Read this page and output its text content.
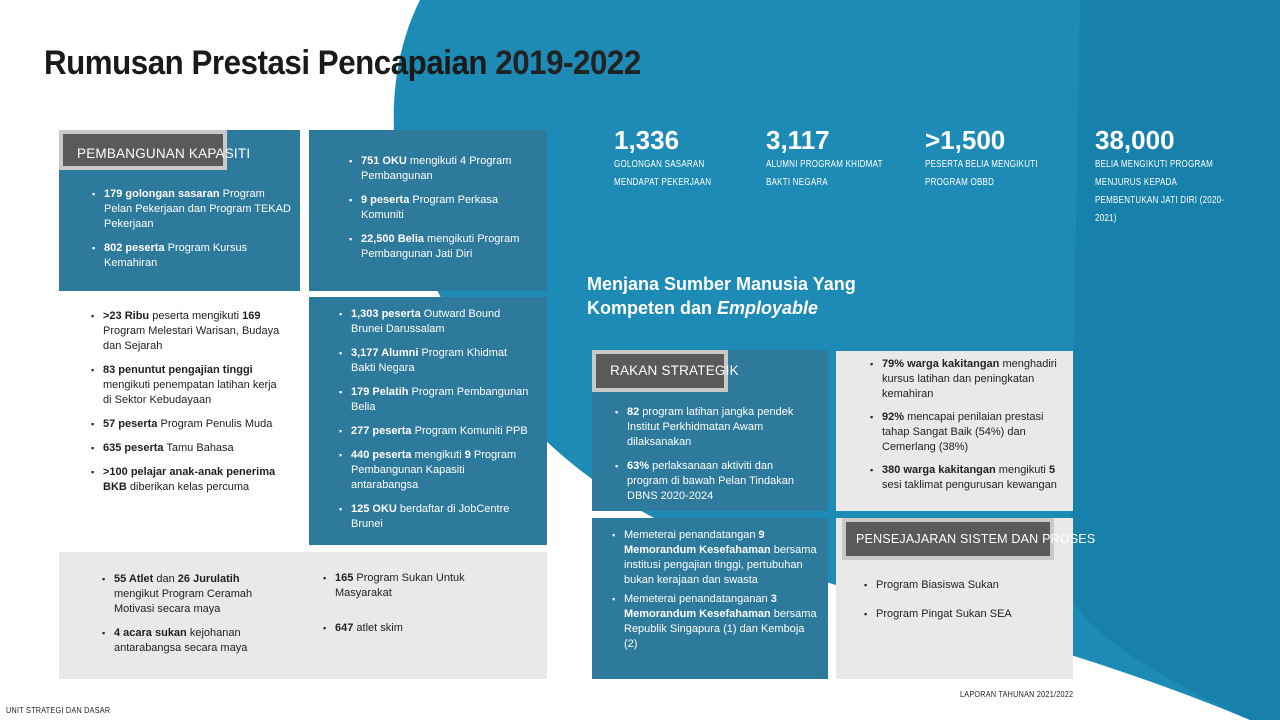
Rumusan Prestasi Pencapaian 2019-2022
PEMBANGUNAN KAPASITI
▪ 179 golongan sasaran Program Pelan Pekerjaan dan Program TEKAD Pekerjaan
▪ 802 peserta Program Kursus Kemahiran
▪ 751 OKU mengikuti 4 Program Pembangunan
▪ 9 peserta Program Perkasa Komuniti
▪ 22,500 Belia mengikuti Program Pembangunan Jati Diri
▪ >23 Ribu peserta mengikuti 169 Program Melestari Warisan, Budaya dan Sejarah
▪ 83 penuntut pengajian tinggi mengikuti penempatan latihan kerja di Sektor Kebudayaan
▪ 57 peserta Program Penulis Muda
▪ 635 peserta Tamu Bahasa
▪ >100 pelajar anak-anak penerima BKB diberikan kelas percuma
▪ 1,303 peserta Outward Bound Brunei Darussalam
▪ 3,177 Alumni Program Khidmat Bakti Negara
▪ 179 Pelatih Program Pembangunan Belia
▪ 277 peserta Program Komuniti PPB
▪ 440 peserta mengikuti 9 Program Pembangunan Kapasiti antarabangsa
▪ 125 OKU berdaftar di JobCentre Brunei
▪ 55 Atlet dan 26 Jurulatih mengikut Program Ceramah Motivasi secara maya
▪ 4 acara sukan kejohanan antarabangsa secara maya
▪ 165 Program Sukan Untuk Masyarakat
▪ 647 atlet skim
1,336
GOLONGAN SASARAN MENDAPAT PEKERJAAN
3,117
ALUMNI PROGRAM KHIDMAT BAKTI NEGARA
>1,500
PESERTA BELIA MENGIKUTI PROGRAM OBBD
38,000
BELIA MENGIKUTI PROGRAM MENJURUS KEPADA PEMBENTUKAN JATI DIRI (2020-2021)
Menjana Sumber Manusia Yang
Kompeten dan Employable
RAKAN STRATEGIK
▪ 82 program latihan jangka pendek Institut Perkhidmatan Awam dilaksanakan
▪ 63% perlaksanaan aktiviti dan program di bawah Pelan Tindakan DBNS 2020-2024
▪ 79% warga kakitangan menghadiri kursus latihan dan peningkatan kemahiran
▪ 92% mencapai penilaian prestasi tahap Sangat Baik (54%) dan Cemerlang (38%)
▪ 380 warga kakitangan mengikuti 5 sesi taklimat pengurusan kewangan
▪ Memeterai penandatangan 9 Memorandum Kesefahaman bersama institusi pengajian tinggi, pertubuhan bukan kerajaan dan swasta
▪ Memeterai penandatanganan 3 Memorandum Kesefahaman bersama Republik Singapura (1) dan Kemboja (2)
PENSEJAJARAN SISTEM DAN PROSES
▪ Program Biasiswa Sukan
▪ Program Pingat Sukan SEA
UNIT STRATEGI DAN DASAR
LAPORAN TAHUNAN 2021/2022
